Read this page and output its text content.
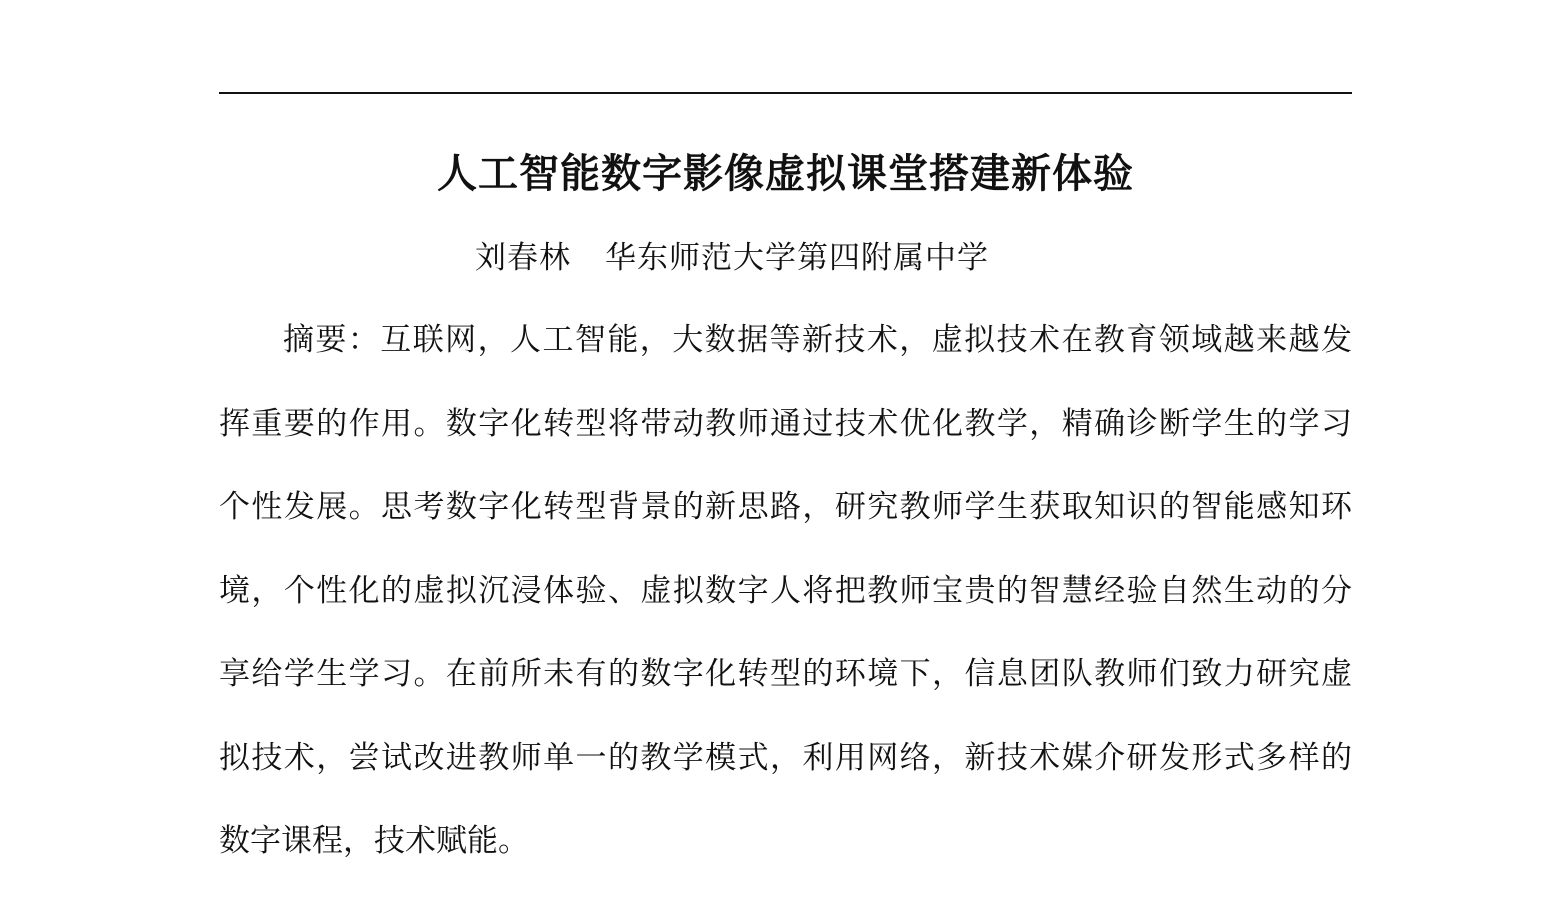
人工智能数字影像虚拟课堂搭建新体验
刘春林 华东师范大学第四附属中学
摘要：互联网，人工智能，大数据等新技术，虚拟技术在教育领域越来越发
挥重要的作用。数字化转型将带动教师通过技术优化教学，精确诊断学生的学习
个性发展。思考数字化转型背景的新思路，研究教师学生获取知识的智能感知环
境，个性化的虚拟沉浸体验、虚拟数字人将把教师宝贵的智慧经验自然生动的分
享给学生学习。在前所未有的数字化转型的环境下，信息团队教师们致力研究虚
拟技术，尝试改进教师单一的教学模式，利用网络，新技术媒介研发形式多样的
数字课程，技术赋能。
